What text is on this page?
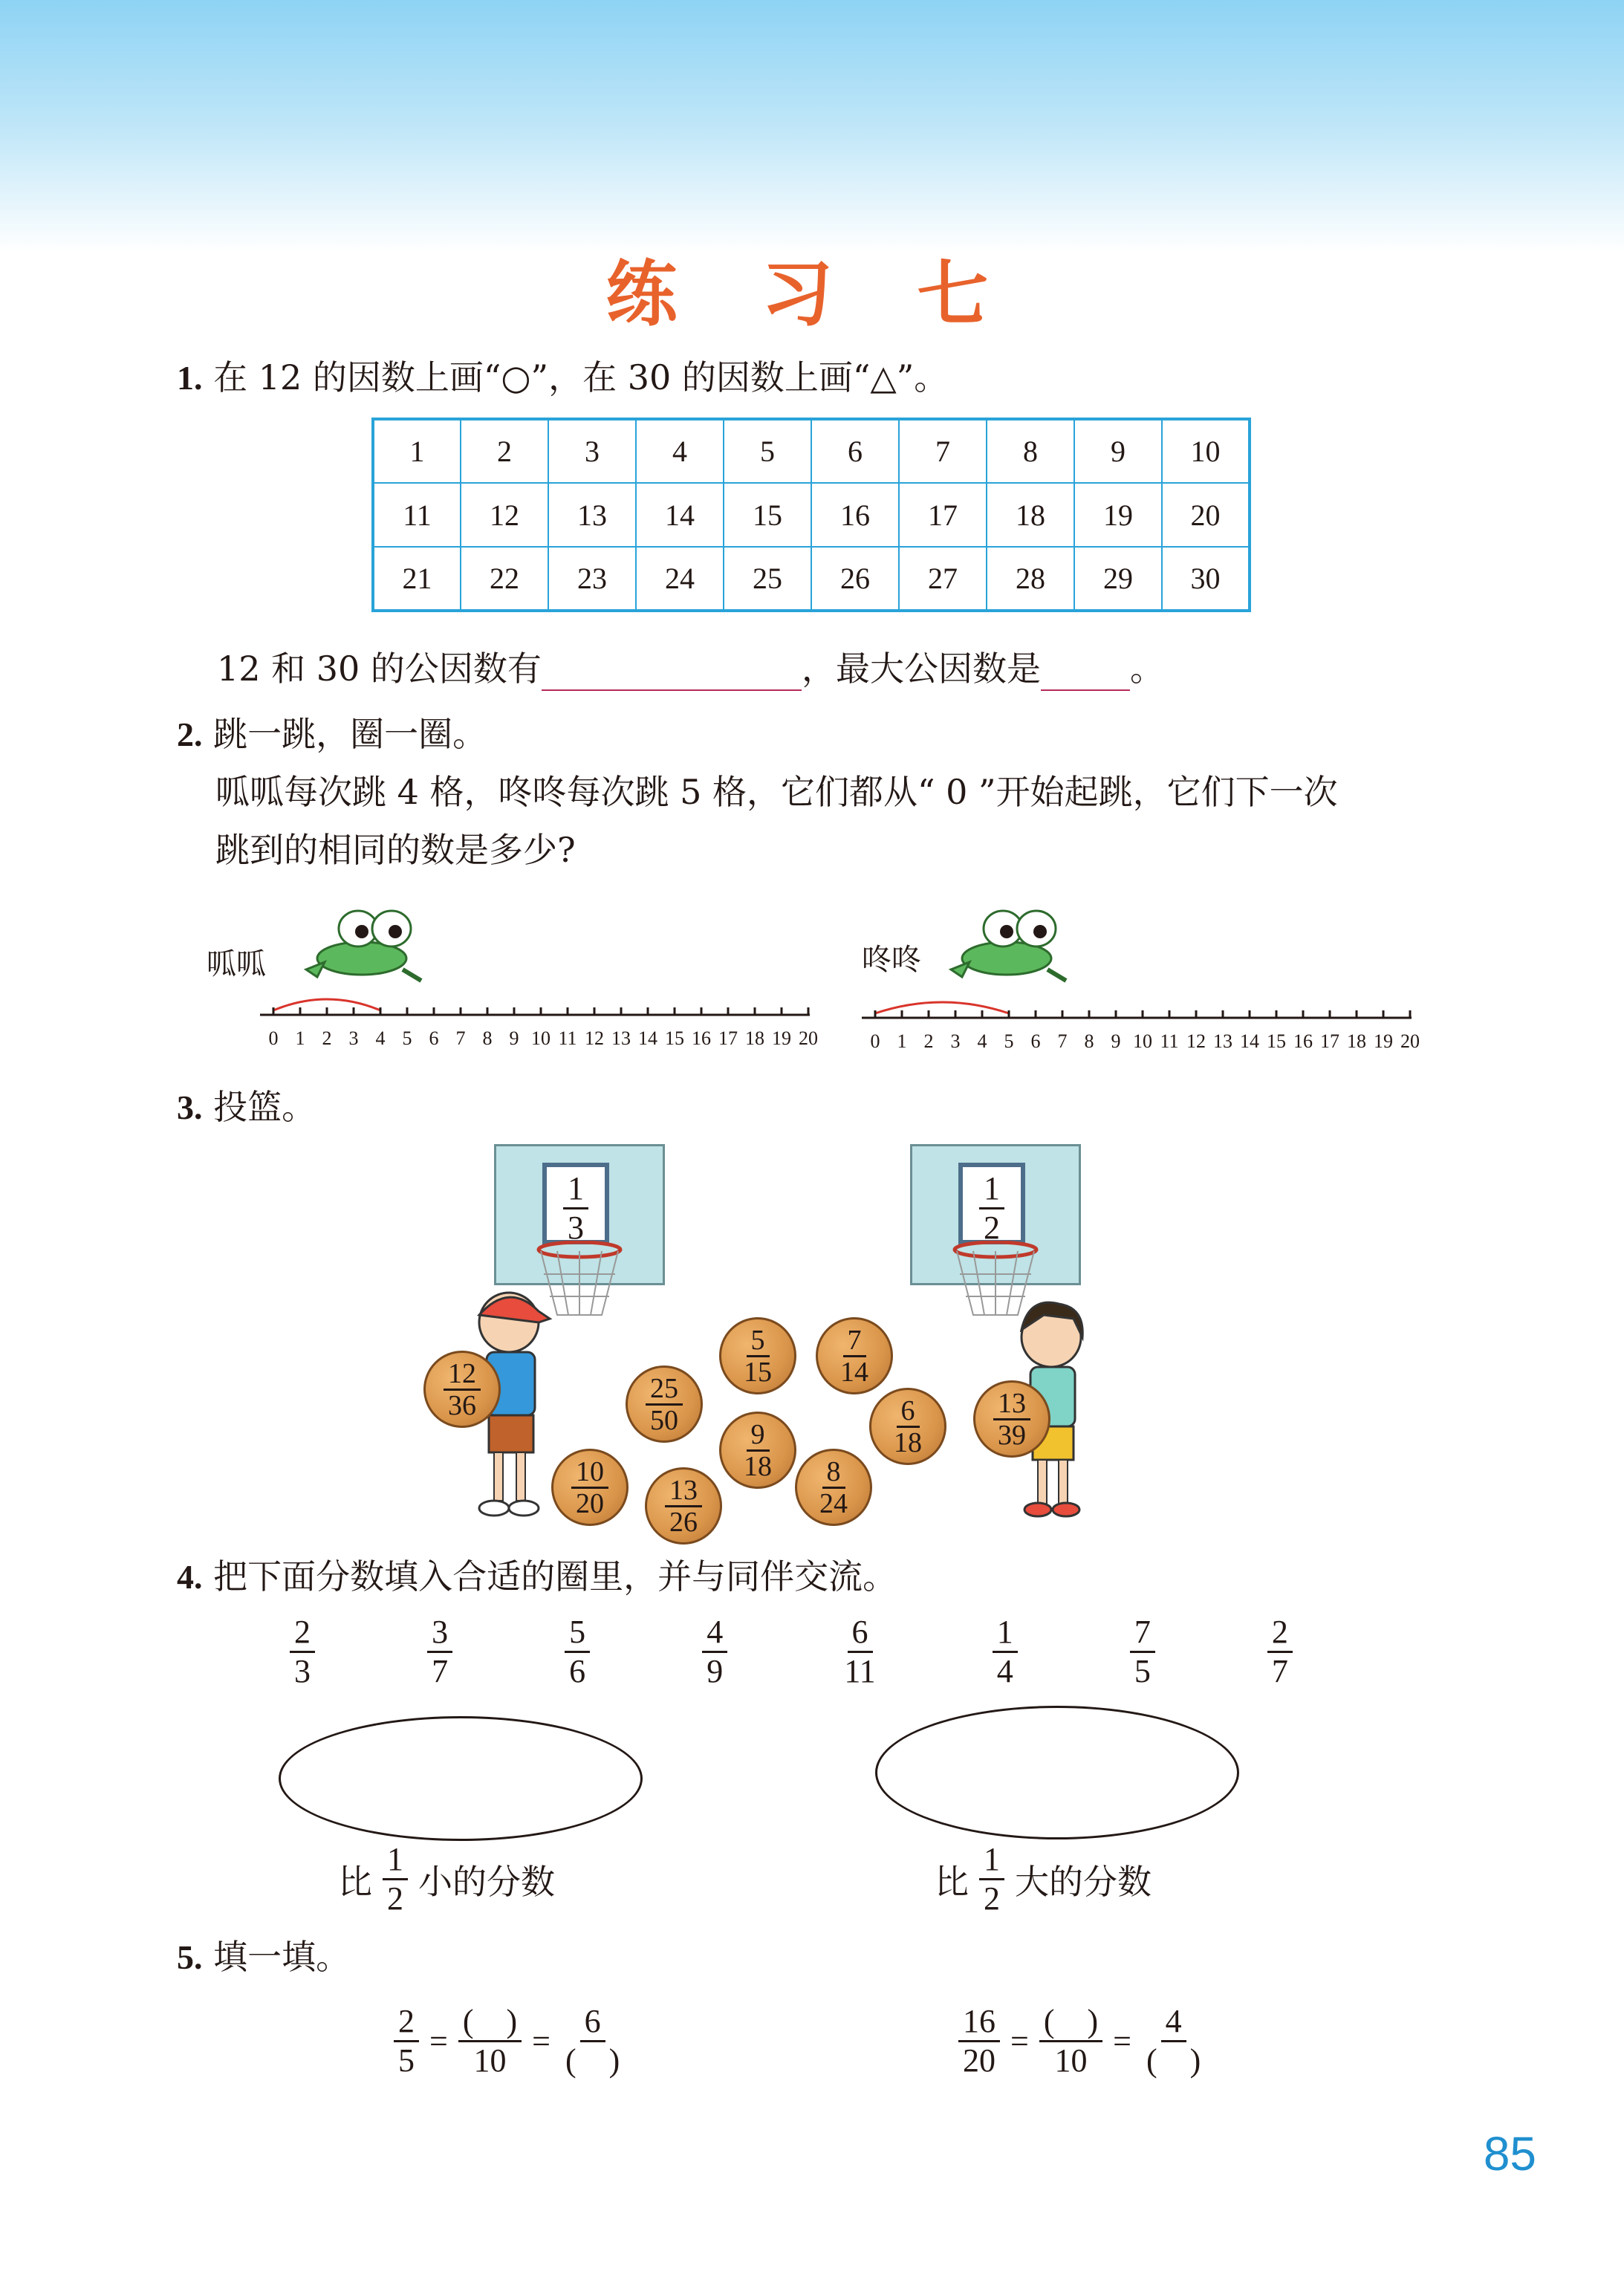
练 习 七
1. 在 12 的因数上画“○”，在 30 的因数上画“△”。
1	2	3	4	5	6	7	8	9	10
11	12	13	14	15	16	17	18	19	20
21	22	23	24	25	26	27	28	29	30
12 和 30 的公因数有	，最大公因数是	。
2. 跳一跳，圈一圈。
呱呱每次跳 4 格，咚咚每次跳 5 格，它们都从“ 0 ”开始起跳，它们下一次
跳到的相同的数是多少?
呱呱	咚咚
0 1 2 3 4 5 6 7 8 9 10 11 12 13 14 15 16 17 18 19 20	0 1 2 3 4 5 6 7 8 9 10 11 12 13 14 15 16 17 18 19 20
3. 投篮。
$\frac{1}{3}$	$\frac{1}{2}$
$\frac{12}{36}$	$\frac{25}{50}$
$\frac{5}{15} \frac{7}{14}$
$\frac{6}{18}$
$\frac{9}{18}$
$\frac{10}{20} \frac{13}{26}$	$\frac{8}{24}$
$\frac{13}{39}$
4. 把下面分数填入合适的圈里，并与同伴交流。
$\frac{2}{3}$	$\frac{3}{7}$	$\frac{5}{6}$	$\frac{4}{9}$	$\frac{6}{11}$	$\frac{1}{4}$	$\frac{7}{5}$	$\frac{2}{7}$
比 $\frac{1}{2}$ 小的分数	比 $\frac{1}{2}$ 大的分数
5. 填一填。
$\frac{2}{5} = \frac{( )}{10} = \frac{6}{( )}$	$\frac{16}{20} = \frac{( )}{10} = \frac{4}{( )}$
85
